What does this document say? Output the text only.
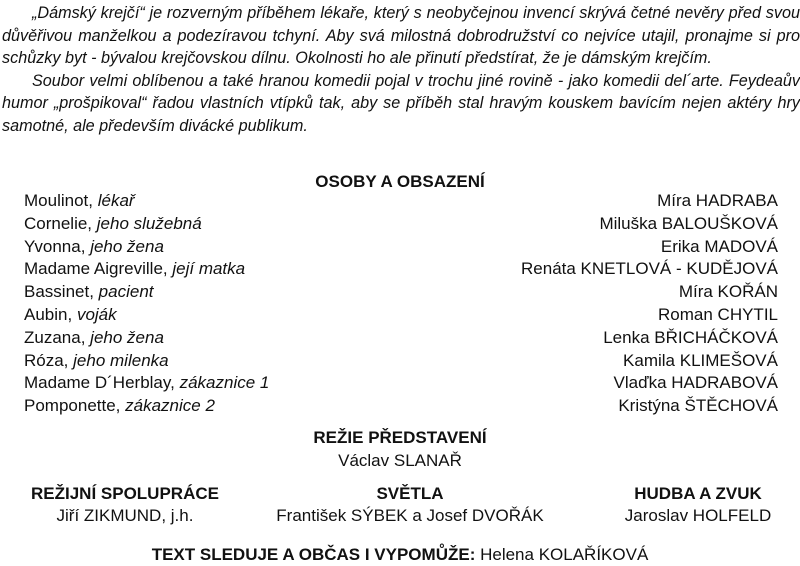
„Dámský krejčí“ je rozverným příběhem lékaře, který s neobyčejnou invencí skrývá četné nevěry před svou důvěřivou manželkou a podezíravou tchyní. Aby svá milostná dobrodružství co nejvíce utajil, pronajme si pro schůzky byt - bývalou krejčovskou dílnu. Okolnosti ho ale přinutí předstírat, že je dámským krejčím.

Soubor velmi oblíbenou a také hranou komedii pojal v trochu jiné rovině - jako komedii del´arte. Feydeaův humor „prošpikoval“ řadou vlastních vtípků tak, aby se příběh stal hravým kouskem bavícím nejen aktéry hry samotné, ale především divácké publikum.

OSOBY A OBSAZENÍ
Moulinot, lékař	Míra HADRABA
Cornelie, jeho služebná	Miluška BALOUŠKOVÁ
Yvonna, jeho žena	Erika MADOVÁ
Madame Aigreville, její matka	Renáta KNETLOVÁ - KUDĚJOVÁ
Bassinet, pacient	Míra KOŘÁN
Aubin, voják	Roman CHYTIL
Zuzana, jeho žena	Lenka BŘICHÁČKOVÁ
Róza, jeho milenka	Kamila KLIMEŠOVÁ
Madame D´Herblay, zákaznice 1	Vlaďka HADRABOVÁ
Pomponette, zákaznice 2	Kristýna ŠTĚCHOVÁ
REŽIE PŘEDSTAVENÍ
Václav SLANAŘ
REŽIJNÍ SPOLUPRÁCE
Jiří ZIKMUND, j.h.
SVĚTLA
František SÝBEK a Josef DVOŘÁK
HUDBA A ZVUK
Jaroslav HOLFELD
TEXT SLEDUJE A OBČAS I VYPOMŮŽE: Helena KOLAŘÍKOVÁ
